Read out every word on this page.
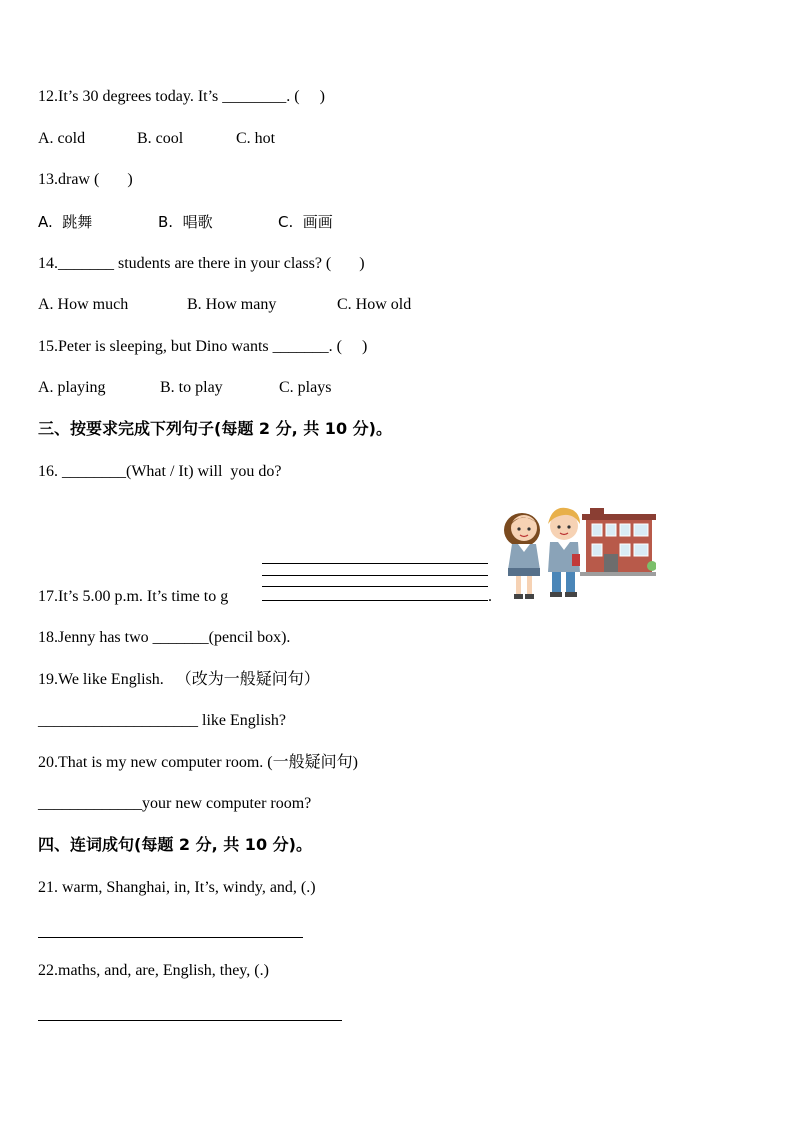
12.It’s 30 degrees today. It’s ________. (     )
A. cold	B. cool	C. hot
13.draw (       )
A.  跳舞	B.  唱歌	C.  画画
14._______ students are there in your class? (       )
A. How much	B. How many	C. How old
15.Peter is sleeping, but Dino wants _______. (     )
A. playing	B. to play	C. plays
三、按要求完成下列句子(每题 2 分, 共 10 分)。
16. ________(What / It) will  you do?
17.It’s 5.00 p.m. It’s time to g	.
18.Jenny has two _______(pencil box).
19.We like English.   （改为一般疑问句）
____________________ like English?
20.That is my new computer room. (一般疑问句)
_____________your new computer room?
四、连词成句(每题 2 分, 共 10 分)。
21. warm, Shanghai, in, It’s, windy, and, (.)
22.maths, and, are, English, they, (.)
